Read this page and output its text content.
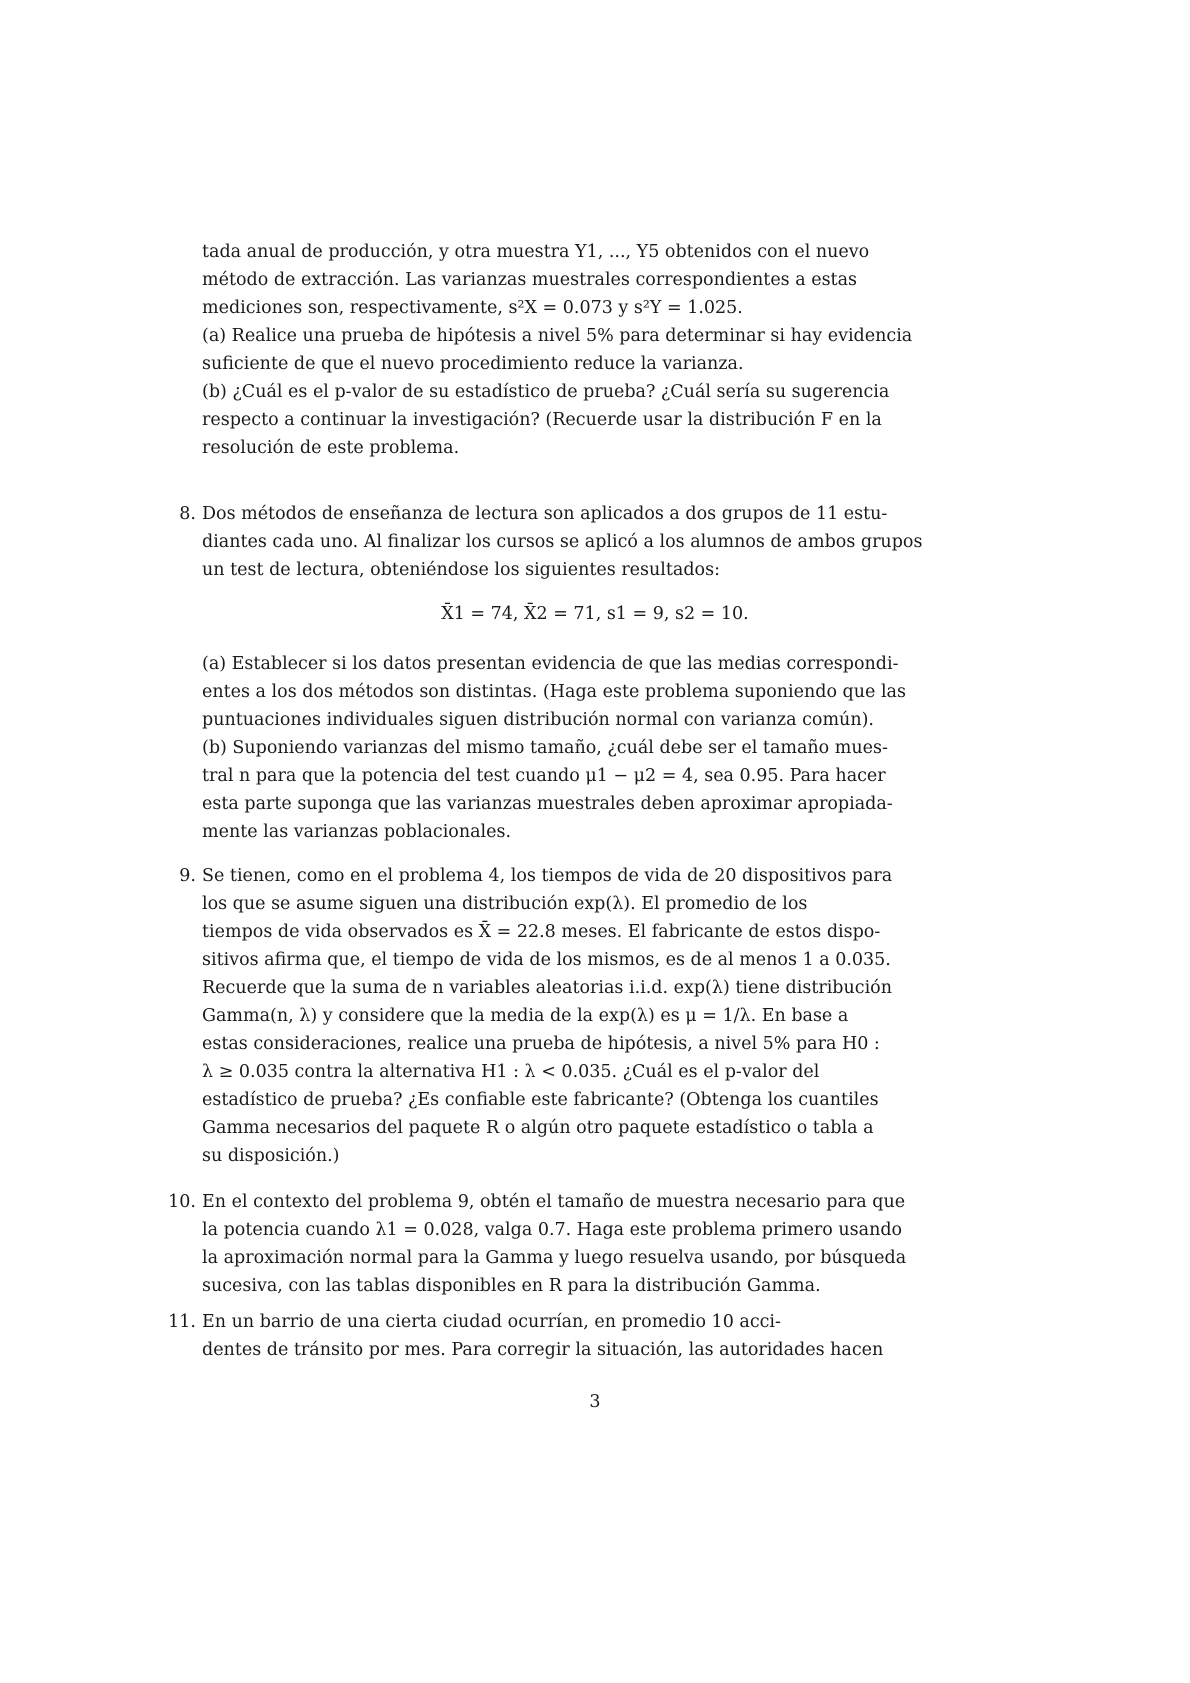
tada anual de producción, y otra muestra Y1, ..., Y5 obtenidos con el nuevo

método de extracción. Las varianzas muestrales correspondientes a estas

mediciones son, respectivamente, s²X = 0.073 y s²Y = 1.025.

(a) Realice una prueba de hipótesis a nivel 5% para determinar si hay evidencia

suficiente de que el nuevo procedimiento reduce la varianza.

(b) ¿Cuál es el p-valor de su estadístico de prueba? ¿Cuál sería su sugerencia

respecto a continuar la investigación? (Recuerde usar la distribución F en la

resolución de este problema.

8. Dos métodos de enseñanza de lectura son aplicados a dos grupos de 11 estu-

diantes cada uno. Al finalizar los cursos se aplicó a los alumnos de ambos grupos

un test de lectura, obteniéndose los siguientes resultados:

X̄1 = 74, X̄2 = 71, s1 = 9, s2 = 10.

(a) Establecer si los datos presentan evidencia de que las medias correspondi-

entes a los dos métodos son distintas. (Haga este problema suponiendo que las

puntuaciones individuales siguen distribución normal con varianza común).

(b) Suponiendo varianzas del mismo tamaño, ¿cuál debe ser el tamaño mues-

tral n para que la potencia del test cuando μ1 − μ2 = 4, sea 0.95. Para hacer

esta parte suponga que las varianzas muestrales deben aproximar apropiada-

mente las varianzas poblacionales.

9. Se tienen, como en el problema 4, los tiempos de vida de 20 dispositivos para

los que se asume siguen una distribución exp(λ). El promedio de los

tiempos de vida observados es X̄ = 22.8 meses. El fabricante de estos dispo-

sitivos afirma que, el tiempo de vida de los mismos, es de al menos 1 a 0.035.

Recuerde que la suma de n variables aleatorias i.i.d. exp(λ) tiene distribución

Gamma(n, λ) y considere que la media de la exp(λ) es μ = 1/λ. En base a

estas consideraciones, realice una prueba de hipótesis, a nivel 5% para H0 :

λ ≥ 0.035 contra la alternativa H1 : λ < 0.035. ¿Cuál es el p-valor del

estadístico de prueba? ¿Es confiable este fabricante? (Obtenga los cuantiles

Gamma necesarios del paquete R o algún otro paquete estadístico o tabla a

su disposición.)

10. En el contexto del problema 9, obtén el tamaño de muestra necesario para que

la potencia cuando λ1 = 0.028, valga 0.7. Haga este problema primero usando

la aproximación normal para la Gamma y luego resuelva usando, por búsqueda

sucesiva, con las tablas disponibles en R para la distribución Gamma.

11. En un barrio de una cierta ciudad ocurrían, en promedio 10 acci-

dentes de tránsito por mes. Para corregir la situación, las autoridades hacen

3
